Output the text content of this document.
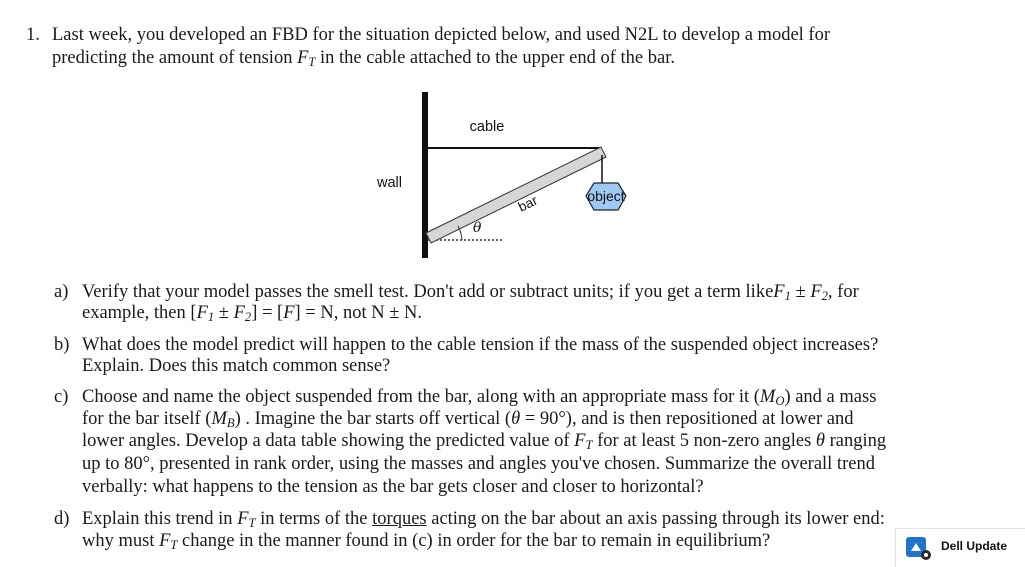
1. Last week, you developed an FBD for the situation depicted below, and used N2L to develop a model for
predicting the amount of tension $F_T$ in the cable attached to the upper end of the bar.
object
cable
wall
bar
θ
a) Verify that your model passes the smell test. Don't add or subtract units; if you get a term likeF$_1$ ± $F_2$, for
example, then $[F_1 \pm F_2] = [F] = N$, not N ± N.
b) What does the model predict will happen to the cable tension if the mass of the suspended object increases?
Explain. Does this match common sense?
c) Choose and name the object suspended from the bar, along with an appropriate mass for it $(M_O)$ and a mass
for the bar itself $(M_B)$ . Imagine the bar starts off vertical (θ = 90°), and is then repositioned at lower and
lower angles. Develop a data table showing the predicted value of $F_T$ for at least 5 non-zero angles θ ranging
up to 80°, presented in rank order, using the masses and angles you've chosen. Summarize the overall trend
verbally: what happens to the tension as the bar gets closer and closer to horizontal?
d) Explain this trend in $F_T$ in terms of the torques acting on the bar about an axis passing through its lower end:
why must $F_T$ change in the manner found in (c) in order for the bar to remain in equilibrium?	Dell Update
